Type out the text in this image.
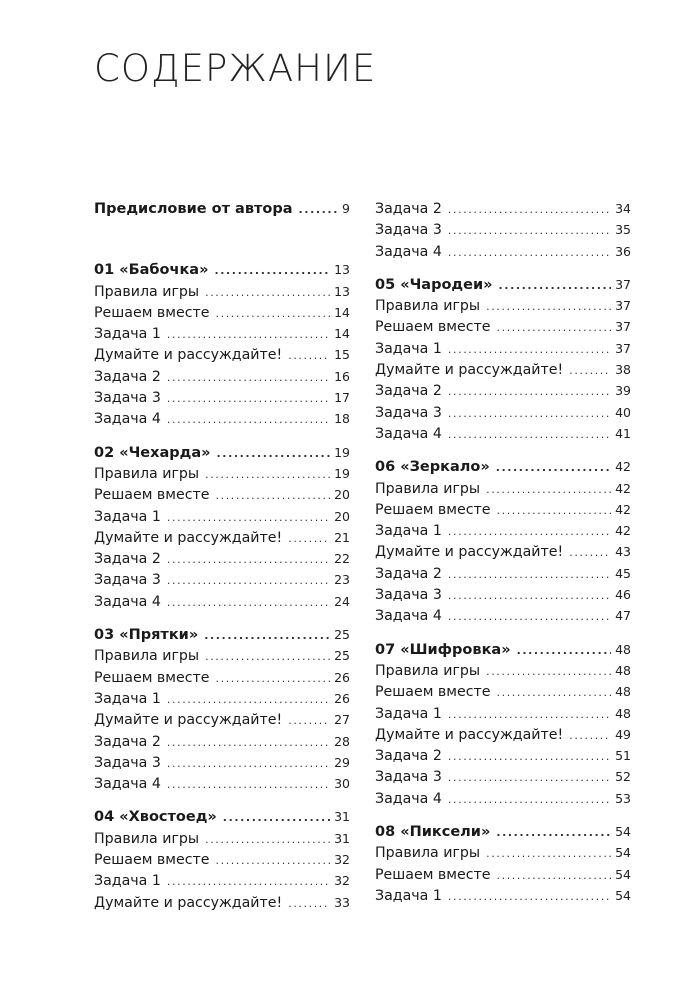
СОДЕРЖАНИЕ
Предисловие от автора .....	9
01 «Бабочка» .....	13
Правила игры .....	13
Решаем вместе .....	14
Задача 1 .....	14
Думайте и рассуждайте! .....	15
Задача 2 .....	16
Задача 3 .....	17
Задача 4 .....	18
02 «Чехарда» .....	19
Правила игры .....	19
Решаем вместе .....	20
Задача 1 .....	20
Думайте и рассуждайте! .....	21
Задача 2 .....	22
Задача 3 .....	23
Задача 4 .....	24
03 «Прятки» .....	25
Правила игры .....	25
Решаем вместе .....	26
Задача 1 .....	26
Думайте и рассуждайте! .....	27
Задача 2 .....	28
Задача 3 .....	29
Задача 4 .....	30
04 «Хвостоед» .....	31
Правила игры .....	31
Решаем вместе .....	32
Задача 1 .....	32
Думайте и рассуждайте! .....	33
Задача 2 .....	34
Задача 3 .....	35
Задача 4 .....	36
05 «Чародеи» .....	37
Правила игры .....	37
Решаем вместе .....	37
Задача 1 .....	37
Думайте и рассуждайте! .....	38
Задача 2 .....	39
Задача 3 .....	40
Задача 4 .....	41
06 «Зеркало» .....	42
Правила игры .....	42
Решаем вместе .....	42
Задача 1 .....	42
Думайте и рассуждайте! .....	43
Задача 2 .....	45
Задача 3 .....	46
Задача 4 .....	47
07 «Шифровка» .....	48
Правила игры .....	48
Решаем вместе .....	48
Задача 1 .....	48
Думайте и рассуждайте! .....	49
Задача 2 .....	51
Задача 3 .....	52
Задача 4 .....	53
08 «Пиксели» .....	54
Правила игры .....	54
Решаем вместе .....	54
Задача 1 .....	54
